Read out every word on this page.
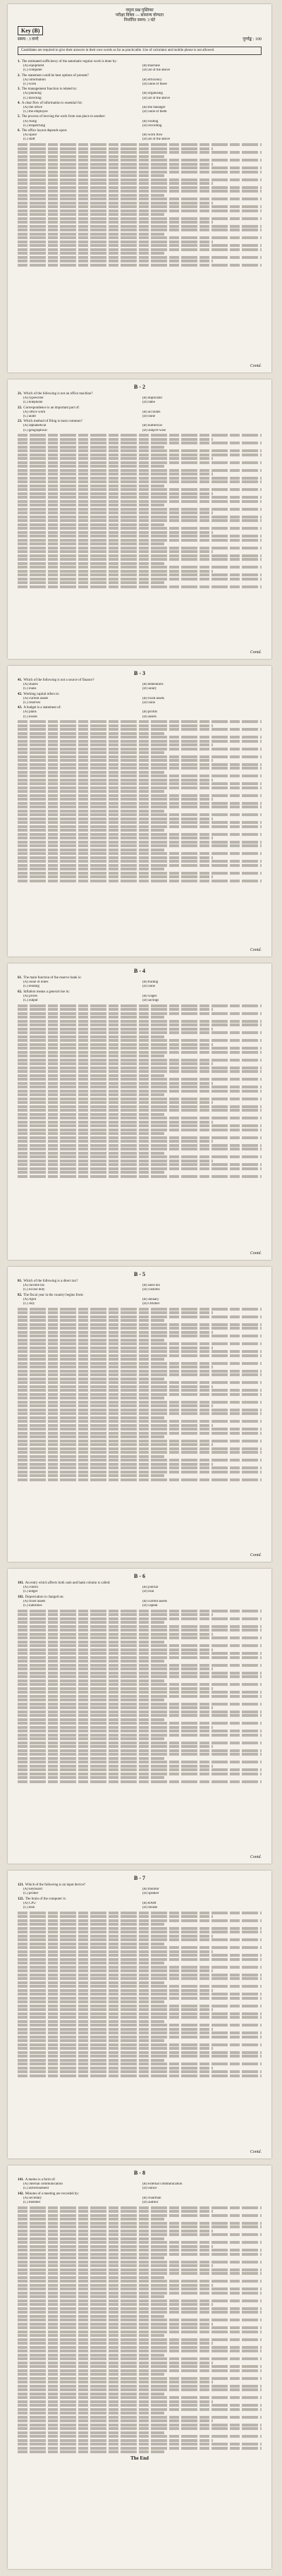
नमूना प्रश्न पुस्तिका
परीक्षा विषय — सामान्य योग्यता
निर्धारित समय: 3 घंटे
Key (B)
समय : 3 घण्टे	पूर्णाङ्क : 100
Candidates are required to give their answers in their own words as far as practicable. Use of calculator and mobile phone is not allowed.
1. The estimated sufficiency of the automatic regular work is done by:
(A) equipment	(B) machine
(C) computer	(D) all of the above
2. The statement could be best options of present?
(A) information	(B) efficiency
(C) work	(D) none of these
3. The management function is related to:
(A) planning	(B) organising
(C) directing	(D) all of the above
4. A clear flow of information is essential for:
(A) the office	(B) the manager
(C) the employee	(D) none of them
5. The process of moving the work from one place to another:
(A) filing	(B) routing
(C) dispatching	(D) recording
6. The office layout depends upon:
(A) space	(B) work flow
(C) staff	(D) all of the above
Contd.
B - 2
21. Which of the following is not an office machine?
(A) typewriter	(B) duplicator
(C) telephone	(D) table
22. Correspondence is an important part of:
(A) office work	(B) accounts
(C) audit	(D) none
23. Which method of filing is most common?
(A) alphabetical	(B) numerical
(C) geographical	(D) subject-wise
Contd.
B - 3
41. Which of the following is not a source of finance?
(A) shares	(B) debentures
(C) loans	(D) salary
42. Working capital refers to:
(A) current assets	(B) fixed assets
(C) reserves	(D) none
43. A budget is a statement of:
(A) plans	(B) profits
(C) losses	(D) assets
Contd.
B - 4
61. The main function of the reserve bank is:
(A) issue of notes	(B) trading
(C) lending	(D) none
62. Inflation means a general rise in:
(A) prices	(B) wages
(C) output	(D) savings
Contd.
B - 5
81. Which of the following is a direct tax?
(A) income tax	(B) sales tax
(C) excise duty	(D) customs
82. The fiscal year in the country begins from:
(A) April	(B) January
(C) July	(D) October
Contd.
B - 6
101. An entry which affects both cash and bank column is called:
(A) contra	(B) journal
(C) ledger	(D) trial
102. Depreciation is charged on:
(A) fixed assets	(B) current assets
(C) liabilities	(D) capital
Contd.
B - 7
121. Which of the following is an input device?
(A) keyboard	(B) monitor
(C) printer	(D) speaker
122. The brain of the computer is:
(A) CPU	(B) RAM
(C) disk	(D) mouse
Contd.
B - 8
141. A memo is a form of:
(A) internal communication	(B) external communication
(C) advertisement	(D) notice
142. Minutes of a meeting are recorded by:
(A) secretary	(B) chairman
(C) member	(D) auditor
The End
